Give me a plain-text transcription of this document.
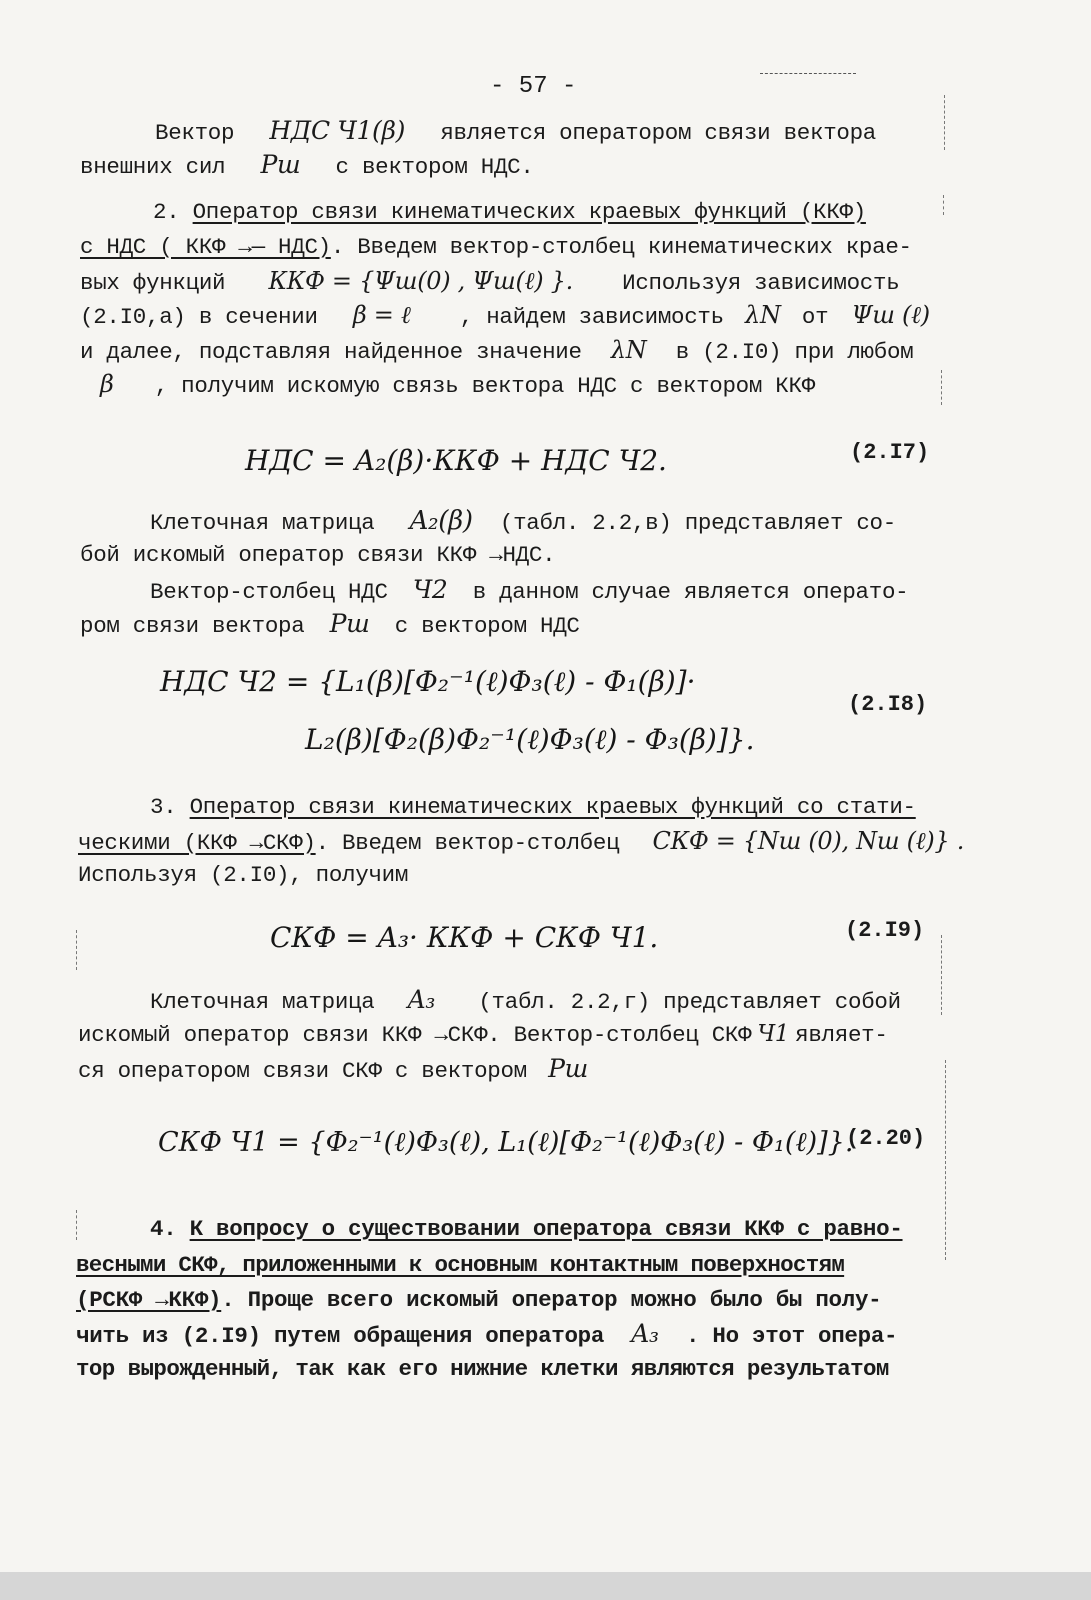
- 57 -
Вектор НДС Ч1(β) является оператором связи вектора
внешних сил Pш с вектором НДС.
2. Оператор связи кинематических краевых функций (ККФ)
с НДС ( ККФ →— НДС). Введем вектор-столбец кинематических крае-
вых функций ККФ = {Ψш(0) , Ψш(ℓ) }. Используя зависимость
(2.I0,а) в сечении β = ℓ , найдем зависимость λN от Ψш (ℓ)
и далее, подставляя найденное значение λN в (2.I0) при любом
β , получим искомую связь вектора НДС с вектором ККФ
НДС = A₂(β)·ККФ + НДС Ч2.	(2.I7)
Клеточная матрица A₂(β) (табл. 2.2,в) представляет со-
бой искомый оператор связи ККФ →НДС.
Вектор-столбец НДС Ч2 в данном случае является операто-
ром связи вектора Pш с вектором НДС
НДС Ч2 = {L₁(β)[Φ₂⁻¹(ℓ)Φ₃(ℓ) - Φ₁(β)]·
L₂(β)[Φ₂(β)Φ₂⁻¹(ℓ)Φ₃(ℓ) - Φ₃(β)]}.
(2.I8)
3. Оператор связи кинематических краевых функций со стати-
ческими (ККФ →СКФ). Введем вектор-столбец СКФ = {Nш (0), Nш (ℓ)} .
Используя (2.I0), получим
СКФ = A₃· ККФ + СКФ Ч1.	(2.I9)
Клеточная матрица A₃ (табл. 2.2,г) представляет собой
искомый оператор связи ККФ →СКФ. Вектор-столбец СКФ Ч1 являет-
ся оператором связи СКФ с вектором Pш
СКФ Ч1 = {Φ₂⁻¹(ℓ)Φ₃(ℓ), L₁(ℓ)[Φ₂⁻¹(ℓ)Φ₃(ℓ) - Φ₁(ℓ)]}.
(2.20)
4. К вопросу о существовании оператора связи ККФ с равно-
весными СКФ, приложенными к основным контактным поверхностям
(РСКФ →ККФ). Проще всего искомый оператор можно было бы полу-
чить из (2.I9) путем обращения оператора A₃ . Но этот опера-
тор вырожденный, так как его нижние клетки являются результатом
